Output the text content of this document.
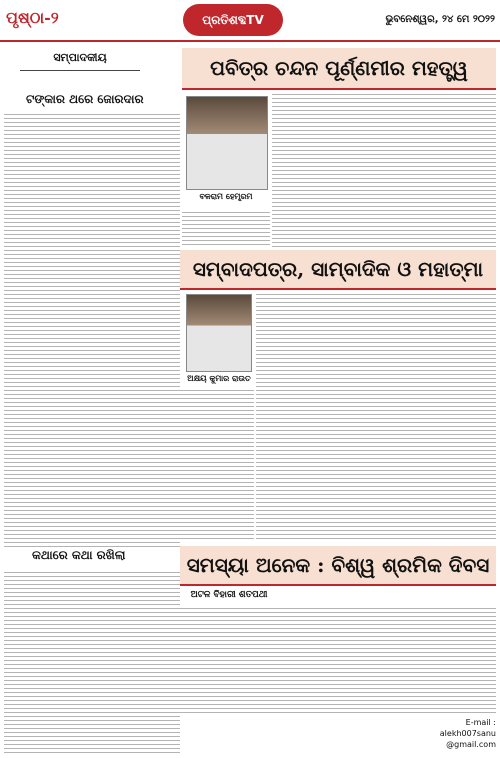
ପୃଷ୍ଠା-୨	ପ୍ରତିଶବ୍ଦTV	ଭୁବନେଶ୍ୱର, ୨୪ ମେ ୨୦୨୨
ସମ୍ପାଦକୀୟ
ଟଙ୍କାର ଥରେ ଜୋରଦାର
କଥାରେ କଥା ରଖିଲା
ପବିତ୍ର ଚନ୍ଦନ ପୂର୍ଣ୍ଣମୀର ମହତ୍ତ୍ୱ
ବଳରାମ ହେମ୍ବ୍ରମ
ସମ୍ବାଦପତ୍ର, ସାମ୍ବାଦିକ ଓ ମହାତ୍ମା
ଅକ୍ଷୟ କୁମାର ରାଉତ
ସମସ୍ୟା ଅନେକ : ବିଶ୍ୱ ଶ୍ରମିକ ଦିବସ
ଅଟଳ ବିହାରୀ ଶତପଥୀ
E-mail :
alekh007sanu
@gmail.com
